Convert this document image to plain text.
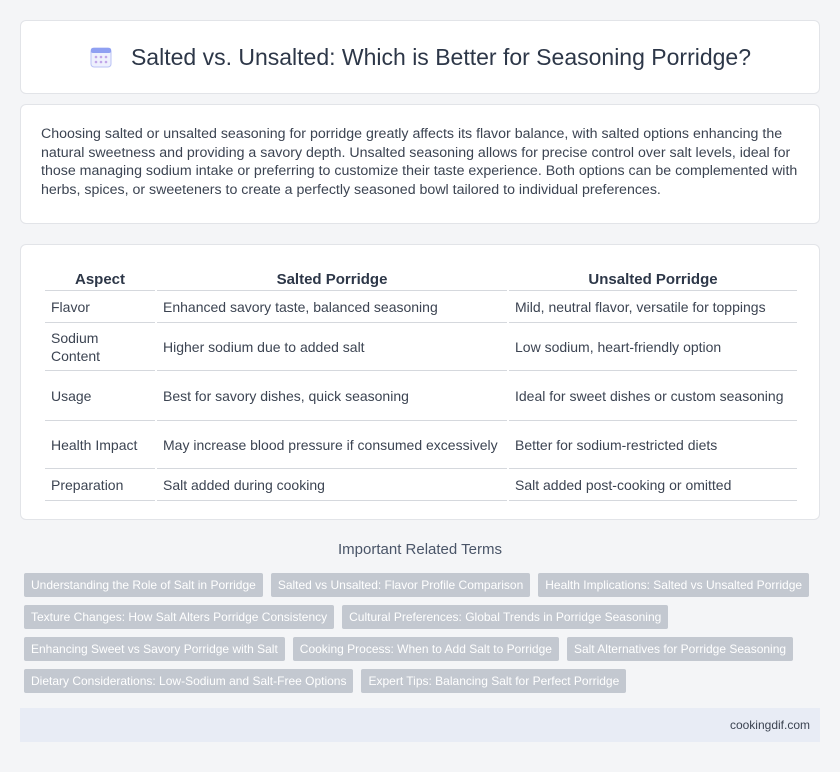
Salted vs. Unsalted: Which is Better for Seasoning Porridge?

Choosing salted or unsalted seasoning for porridge greatly affects its flavor balance, with salted options enhancing the natural sweetness and providing a savory depth. Unsalted seasoning allows for precise control over salt levels, ideal for those managing sodium intake or preferring to customize their taste experience. Both options can be complemented with herbs, spices, or sweeteners to create a perfectly seasoned bowl tailored to individual preferences.

Aspect	Salted Porridge	Unsalted Porridge
Flavor	Enhanced savory taste, balanced seasoning	Mild, neutral flavor, versatile for toppings
Sodium Content	Higher sodium due to added salt	Low sodium, heart-friendly option
Usage	Best for savory dishes, quick seasoning	Ideal for sweet dishes or custom seasoning
Health Impact	May increase blood pressure if consumed excessively	Better for sodium-restricted diets
Preparation	Salt added during cooking	Salt added post-cooking or omitted
Important Related Terms
Understanding the Role of Salt in Porridge	Salted vs Unsalted: Flavor Profile Comparison	Health Implications: Salted vs Unsalted Porridge
Texture Changes: How Salt Alters Porridge Consistency	Cultural Preferences: Global Trends in Porridge Seasoning
Enhancing Sweet vs Savory Porridge with Salt	Cooking Process: When to Add Salt to Porridge	Salt Alternatives for Porridge Seasoning
Dietary Considerations: Low-Sodium and Salt-Free Options	Expert Tips: Balancing Salt for Perfect Porridge
cookingdif.com
